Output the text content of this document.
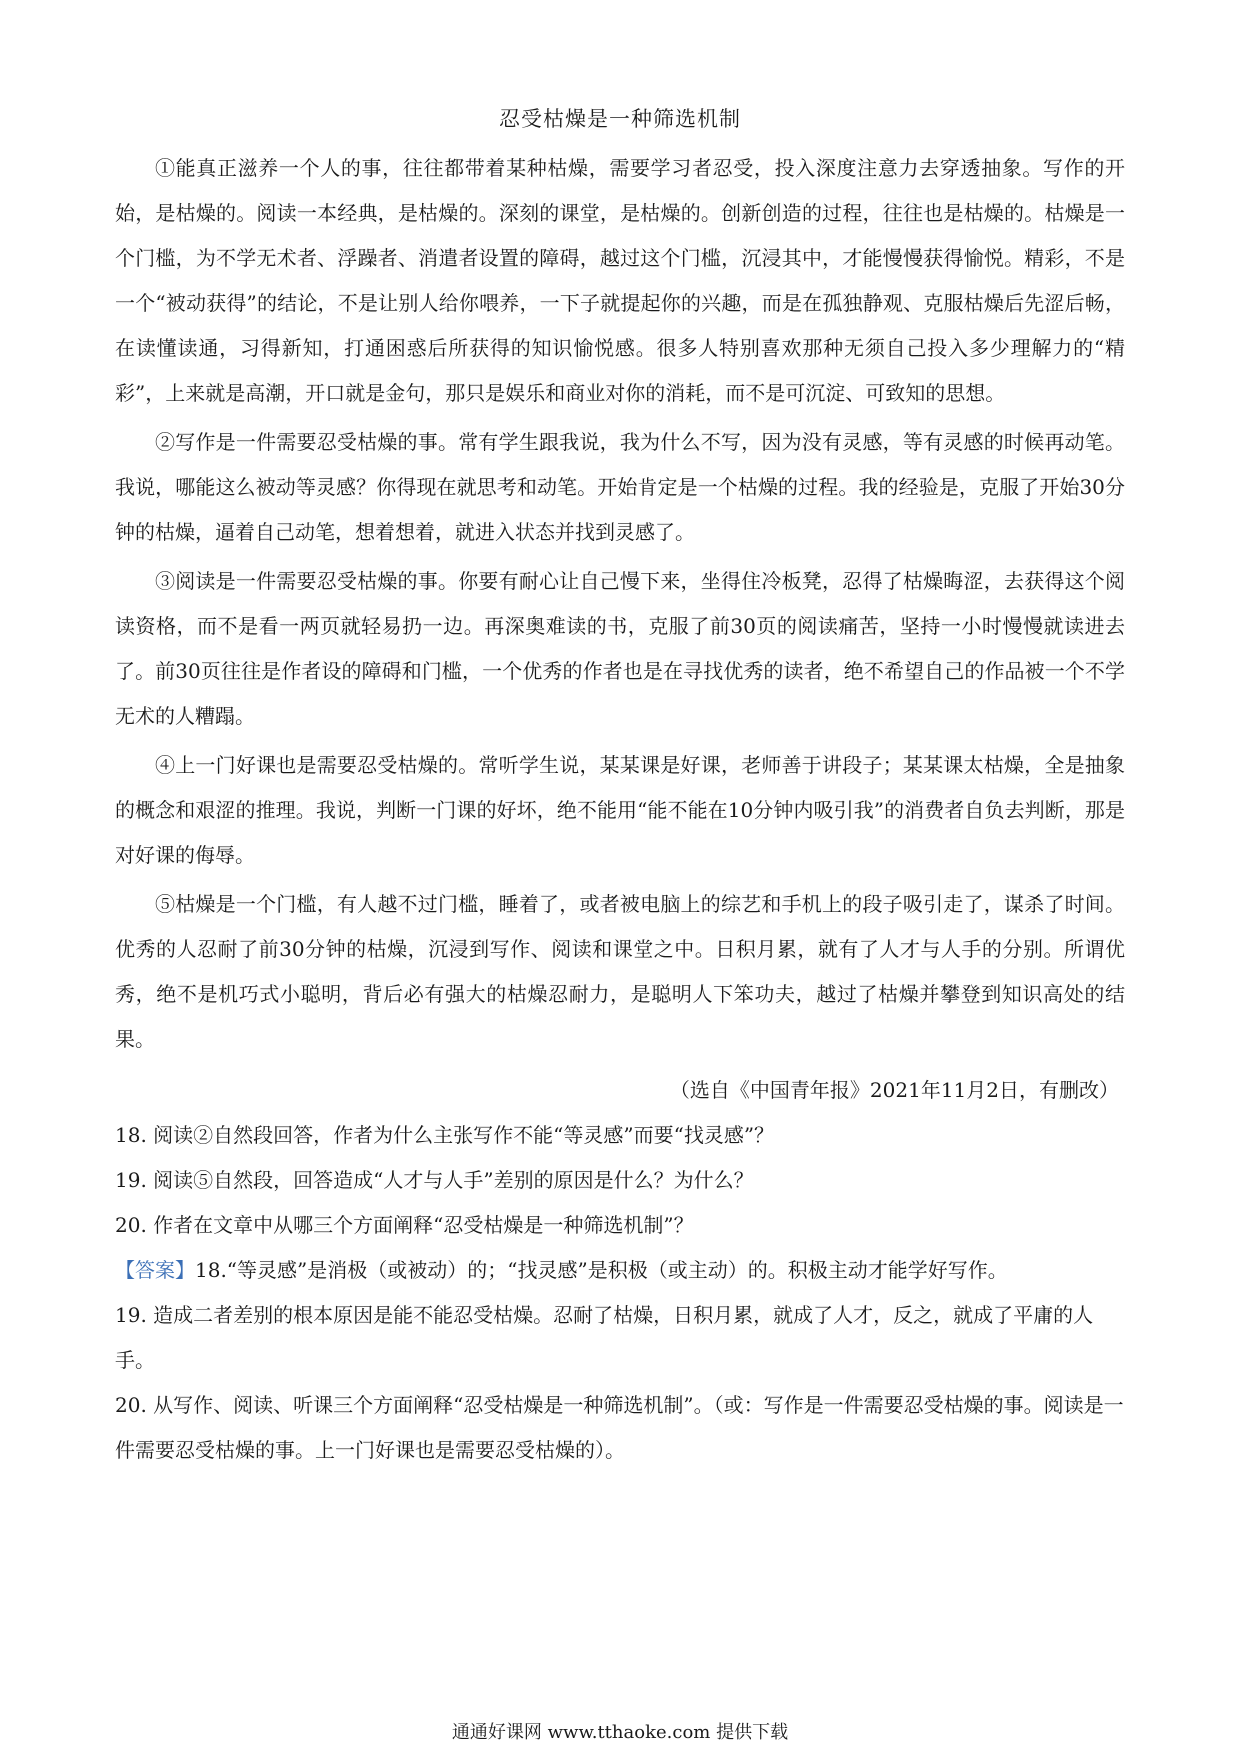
忍受枯燥是一种筛选机制

①能真正滋养一个人的事，往往都带着某种枯燥，需要学习者忍受，投入深度注意力去穿透抽象。写作的开始，是枯燥的。阅读一本经典，是枯燥的。深刻的课堂，是枯燥的。创新创造的过程，往往也是枯燥的。枯燥是一个门槛，为不学无术者、浮躁者、消遣者设置的障碍，越过这个门槛，沉浸其中，才能慢慢获得愉悦。精彩，不是一个“被动获得”的结论，不是让别人给你喂养，一下子就提起你的兴趣，而是在孤独静观、克服枯燥后先涩后畅，在读懂读通，习得新知，打通困惑后所获得的知识愉悦感。很多人特别喜欢那种无须自己投入多少理解力的“精彩”，上来就是高潮，开口就是金句，那只是娱乐和商业对你的消耗，而不是可沉淀、可致知的思想。

②写作是一件需要忍受枯燥的事。常有学生跟我说，我为什么不写，因为没有灵感，等有灵感的时候再动笔。我说，哪能这么被动等灵感？你得现在就思考和动笔。开始肯定是一个枯燥的过程。我的经验是，克服了开始30分钟的枯燥，逼着自己动笔，想着想着，就进入状态并找到灵感了。

③阅读是一件需要忍受枯燥的事。你要有耐心让自己慢下来，坐得住冷板凳，忍得了枯燥晦涩，去获得这个阅读资格，而不是看一两页就轻易扔一边。再深奥难读的书，克服了前30页的阅读痛苦，坚持一小时慢慢就读进去了。前30页往往是作者设的障碍和门槛，一个优秀的作者也是在寻找优秀的读者，绝不希望自己的作品被一个不学无术的人糟蹋。

④上一门好课也是需要忍受枯燥的。常听学生说，某某课是好课，老师善于讲段子；某某课太枯燥，全是抽象的概念和艰涩的推理。我说，判断一门课的好坏，绝不能用“能不能在10分钟内吸引我”的消费者自负去判断，那是对好课的侮辱。

⑤枯燥是一个门槛，有人越不过门槛，睡着了，或者被电脑上的综艺和手机上的段子吸引走了，谋杀了时间。优秀的人忍耐了前30分钟的枯燥，沉浸到写作、阅读和课堂之中。日积月累，就有了人才与人手的分别。所谓优秀，绝不是机巧式小聪明，背后必有强大的枯燥忍耐力，是聪明人下笨功夫，越过了枯燥并攀登到知识高处的结果。

（选自《中国青年报》2021年11月2日，有删改）

18. 阅读②自然段回答，作者为什么主张写作不能“等灵感”而要“找灵感”？

19. 阅读⑤自然段，回答造成“人才与人手”差别的原因是什么？为什么？

20. 作者在文章中从哪三个方面阐释“忍受枯燥是一种筛选机制”？

【答案】18.“等灵感”是消极（或被动）的；“找灵感”是积极（或主动）的。积极主动才能学好写作。

19. 造成二者差别的根本原因是能不能忍受枯燥。忍耐了枯燥，日积月累，就成了人才，反之，就成了平庸的人手。

20. 从写作、阅读、听课三个方面阐释“忍受枯燥是一种筛选机制”。（或：写作是一件需要忍受枯燥的事。阅读是一件需要忍受枯燥的事。上一门好课也是需要忍受枯燥的）。

通通好课网 www.tthaoke.com 提供下载
